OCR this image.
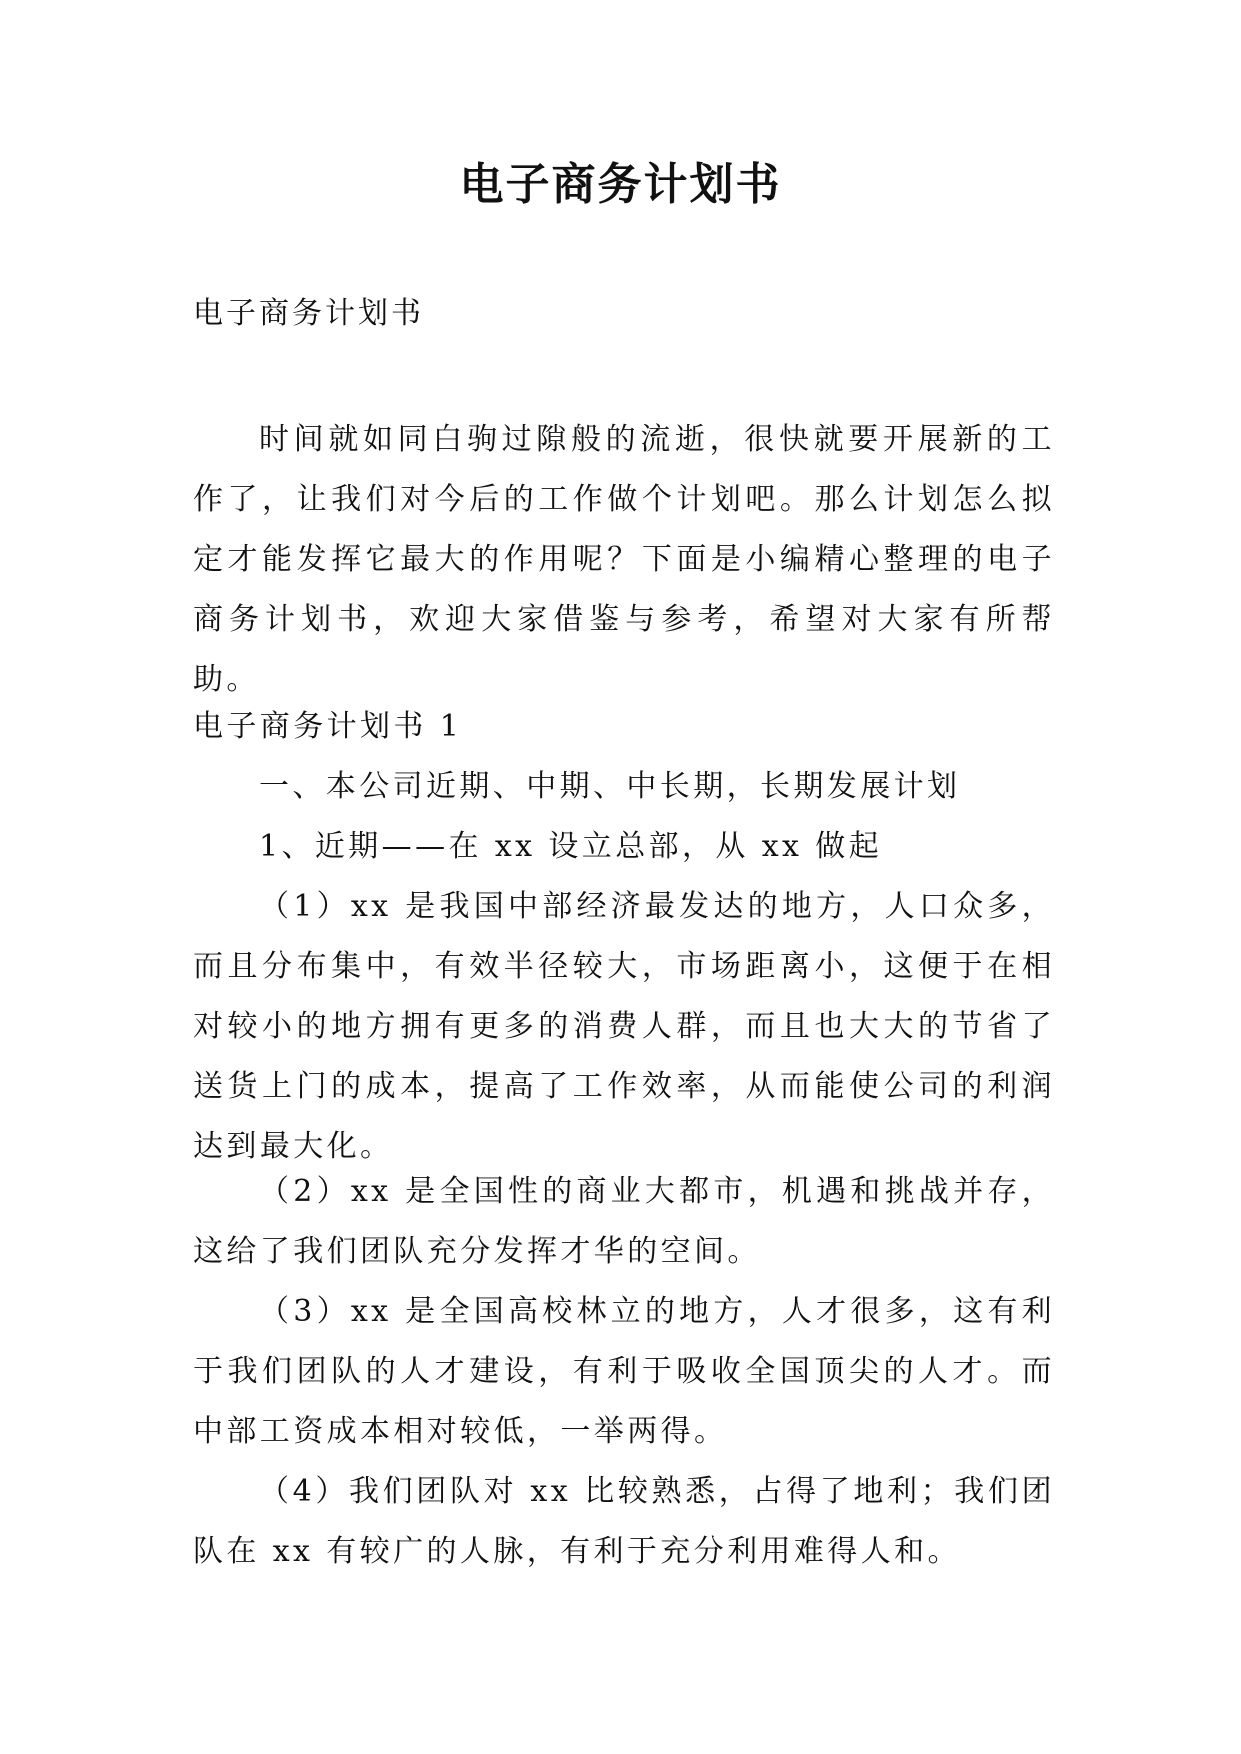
电子商务计划书
电子商务计划书
时间就如同白驹过隙般的流逝，很快就要开展新的工作了，让我们对今后的工作做个计划吧。那么计划怎么拟定才能发挥它最大的作用呢？下面是小编精心整理的电子商务计划书，欢迎大家借鉴与参考，希望对大家有所帮助。
电子商务计划书 1
一、本公司近期、中期、中长期，长期发展计划
1、近期——在 xx 设立总部，从 xx 做起
（1）xx 是我国中部经济最发达的地方，人口众多，而且分布集中，有效半径较大，市场距离小，这便于在相对较小的地方拥有更多的消费人群，而且也大大的节省了送货上门的成本，提高了工作效率，从而能使公司的利润达到最大化。
（2）xx 是全国性的商业大都市，机遇和挑战并存，这给了我们团队充分发挥才华的空间。
（3）xx 是全国高校林立的地方，人才很多，这有利于我们团队的人才建设，有利于吸收全国顶尖的人才。而中部工资成本相对较低，一举两得。
（4）我们团队对 xx 比较熟悉，占得了地利；我们团队在 xx 有较广的人脉，有利于充分利用难得人和。
